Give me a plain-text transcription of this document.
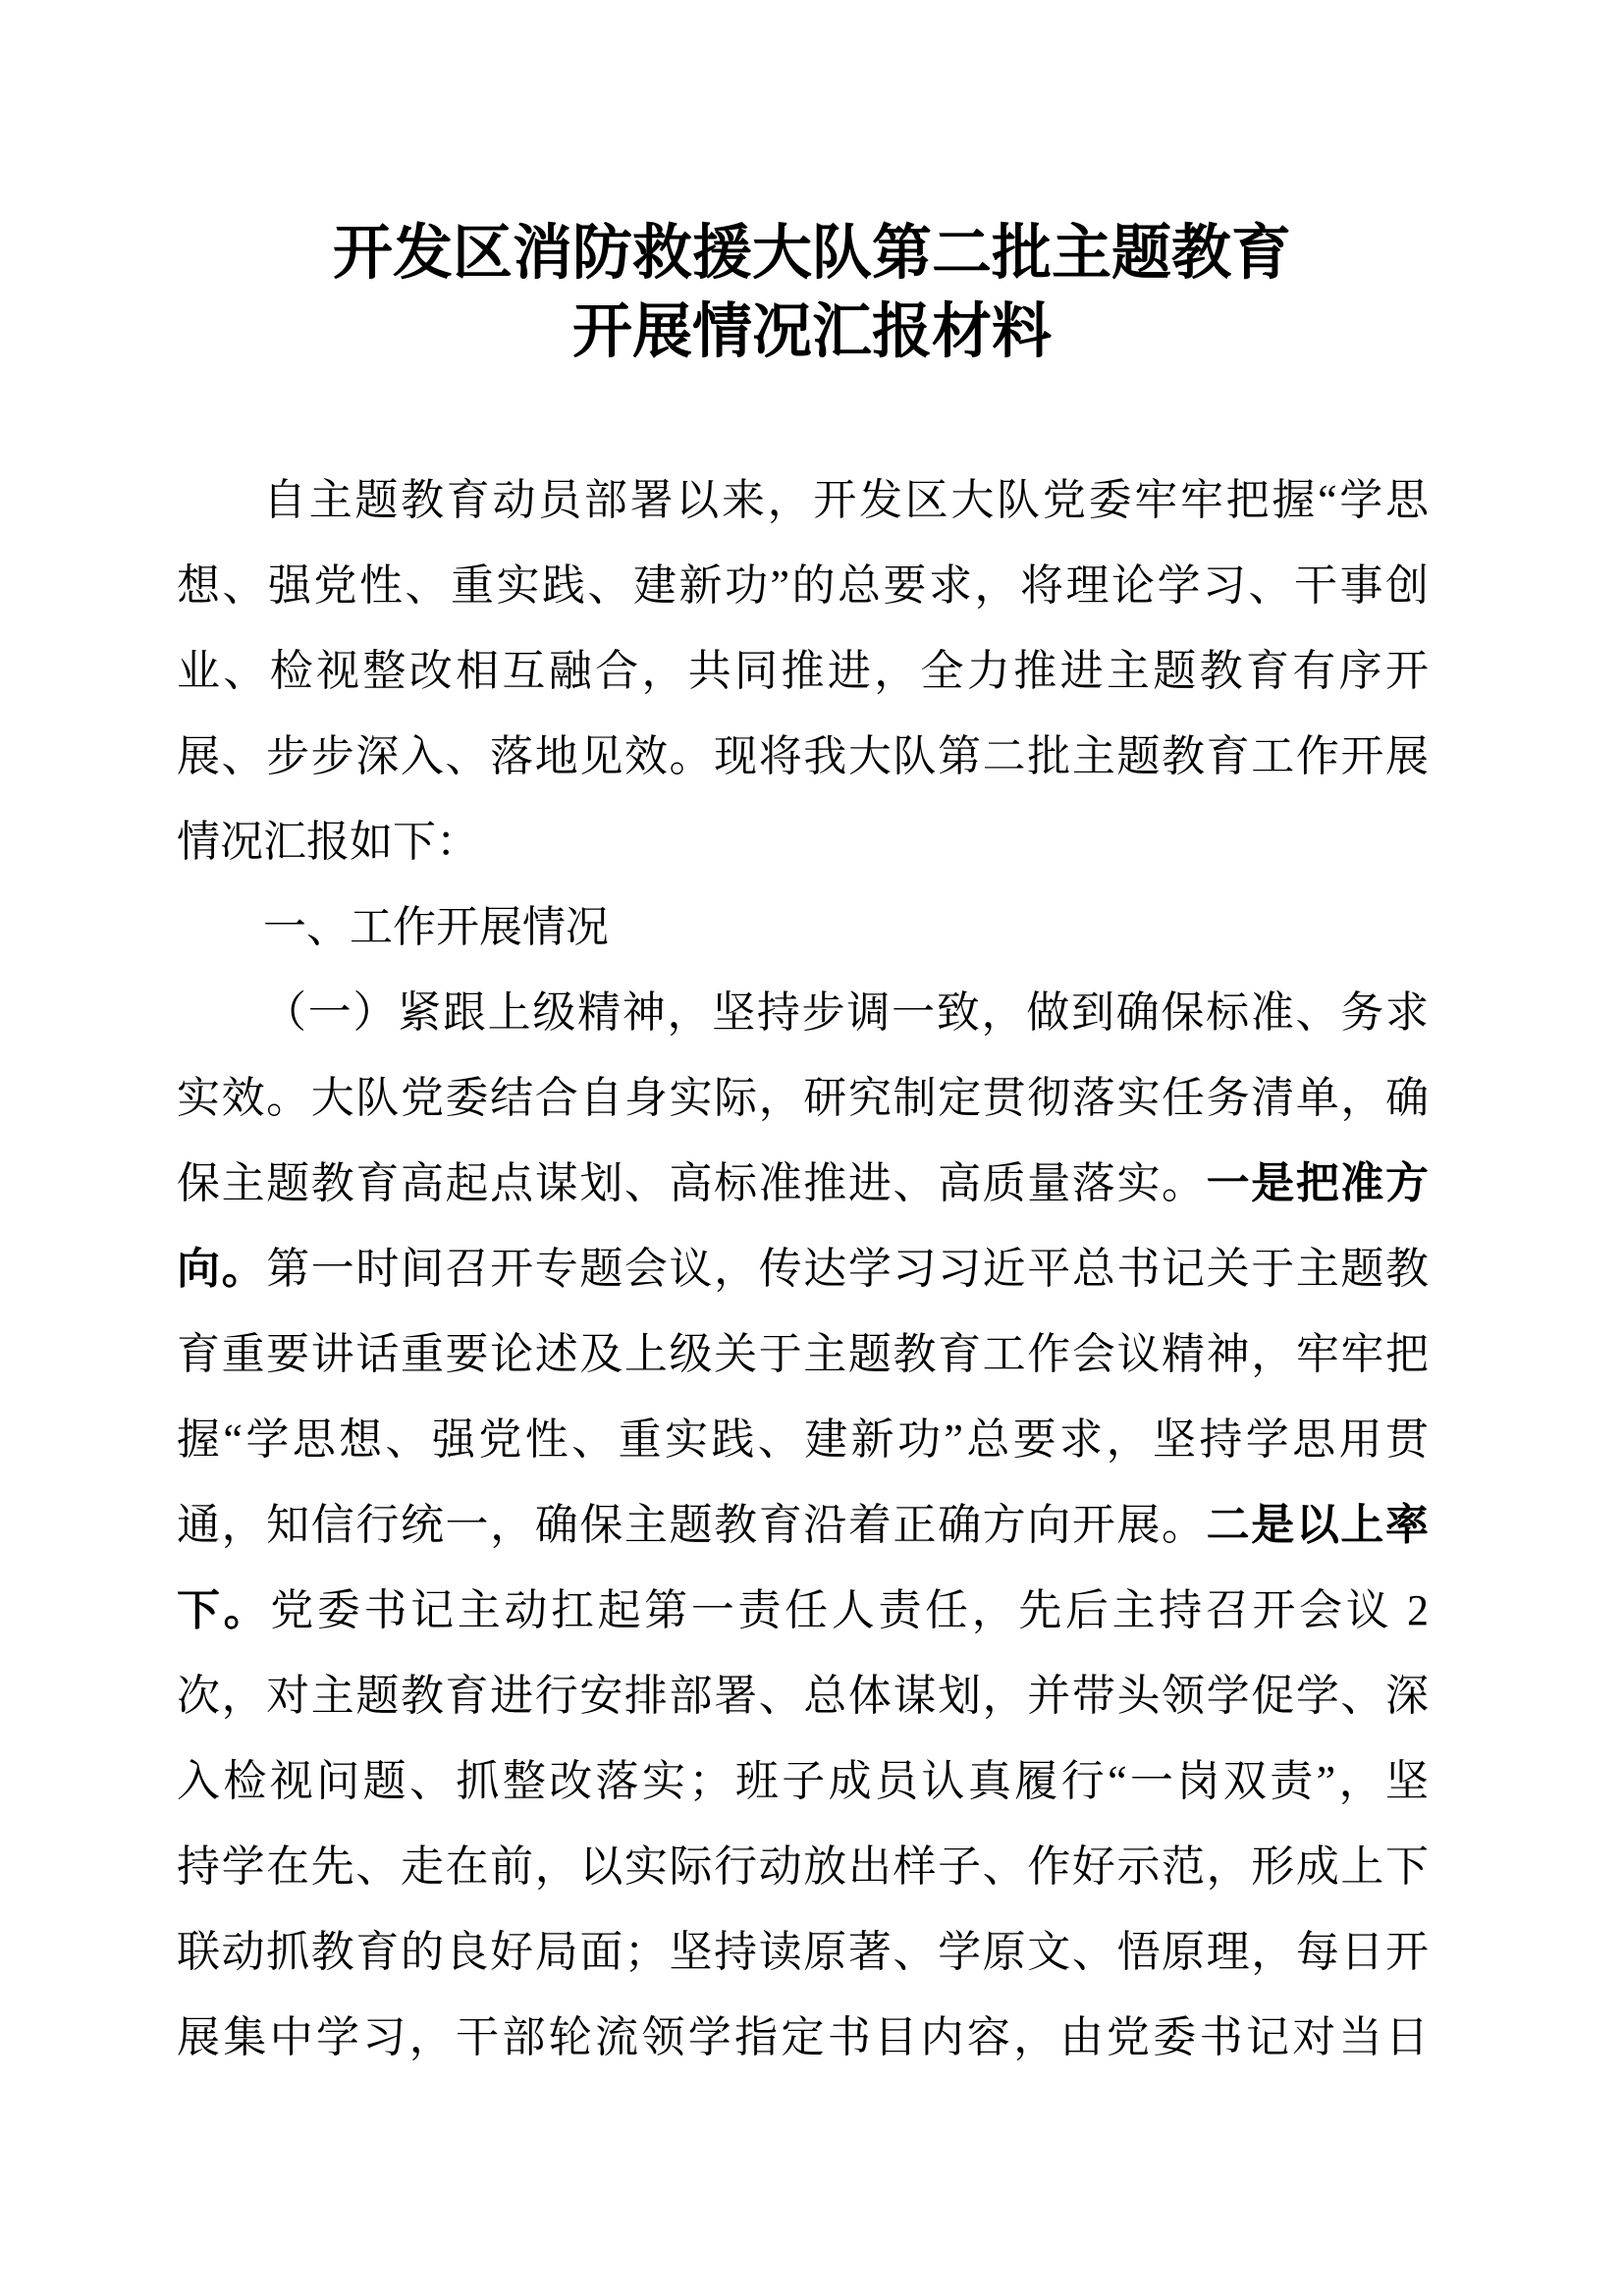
开发区消防救援大队第二批主题教育
开展情况汇报材料
自主题教育动员部署以来，开发区大队党委牢牢把握“学思
想、强党性、重实践、建新功”的总要求，将理论学习、干事创
业、检视整改相互融合，共同推进，全力推进主题教育有序开
展、步步深入、落地见效。现将我大队第二批主题教育工作开展
情况汇报如下：
一、工作开展情况
（一）紧跟上级精神，坚持步调一致，做到确保标准、务求
实效。大队党委结合自身实际，研究制定贯彻落实任务清单，确
保主题教育高起点谋划、高标准推进、高质量落实。一是把准方
向。第一时间召开专题会议，传达学习习近平总书记关于主题教
育重要讲话重要论述及上级关于主题教育工作会议精神，牢牢把
握“学思想、强党性、重实践、建新功”总要求，坚持学思用贯
通，知信行统一，确保主题教育沿着正确方向开展。二是以上率
下。党委书记主动扛起第一责任人责任，先后主持召开会议 2
次，对主题教育进行安排部署、总体谋划，并带头领学促学、深
入检视问题、抓整改落实；班子成员认真履行“一岗双责”，坚
持学在先、走在前，以实际行动放出样子、作好示范，形成上下
联动抓教育的良好局面；坚持读原著、学原文、悟原理，每日开
展集中学习，干部轮流领学指定书目内容，由党委书记对当日
